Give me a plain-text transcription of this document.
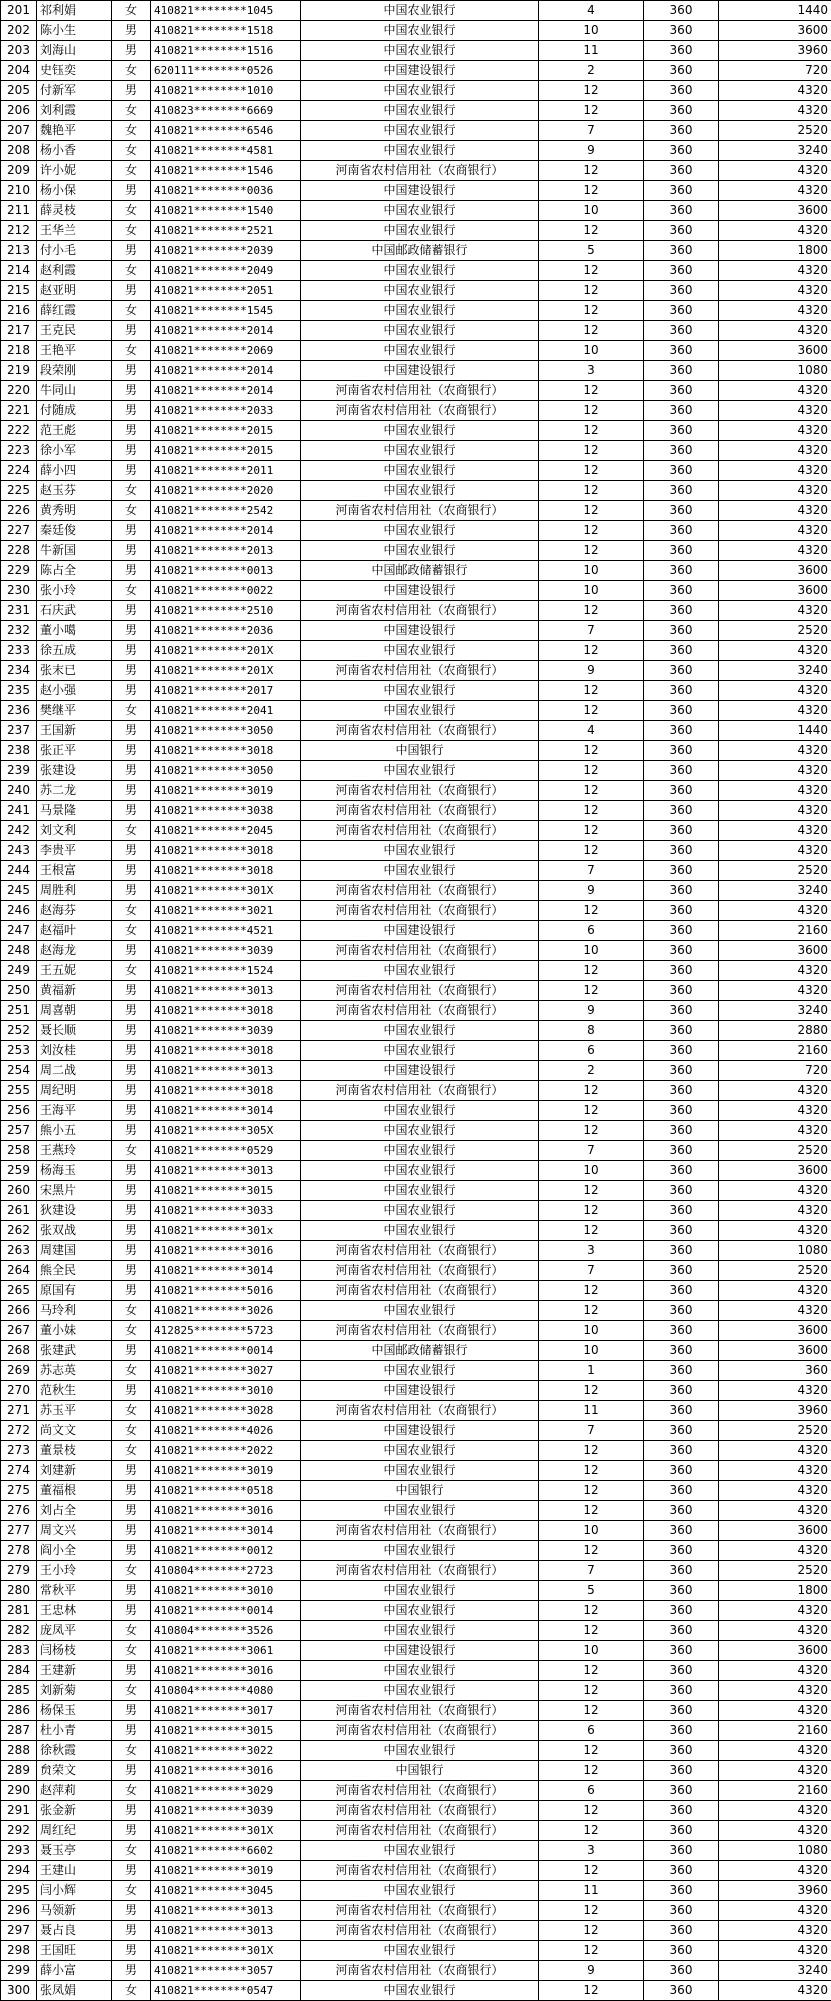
201	祁利娟	女	410821********1045	中国农业银行	4	360	1440
202	陈小生	男	410821********1518	中国农业银行	10	360	3600
203	刘海山	男	410821********1516	中国农业银行	11	360	3960
204	史钰奕	女	620111********0526	中国建设银行	2	360	720
205	付新军	男	410821********1010	中国农业银行	12	360	4320
206	刘利霞	女	410823********6669	中国农业银行	12	360	4320
207	魏艳平	女	410821********6546	中国农业银行	7	360	2520
208	杨小香	女	410821********4581	中国农业银行	9	360	3240
209	许小妮	女	410821********1546	河南省农村信用社（农商银行）	12	360	4320
210	杨小保	男	410821********0036	中国建设银行	12	360	4320
211	薛灵枝	女	410821********1540	中国农业银行	10	360	3600
212	王华兰	女	410821********2521	中国农业银行	12	360	4320
213	付小毛	男	410821********2039	中国邮政储蓄银行	5	360	1800
214	赵利霞	女	410821********2049	中国农业银行	12	360	4320
215	赵亚明	男	410821********2051	中国农业银行	12	360	4320
216	薛红霞	女	410821********1545	中国农业银行	12	360	4320
217	王克民	男	410821********2014	中国农业银行	12	360	4320
218	王艳平	女	410821********2069	中国农业银行	10	360	3600
219	段荣刚	男	410821********2014	中国建设银行	3	360	1080
220	牛同山	男	410821********2014	河南省农村信用社（农商银行）	12	360	4320
221	付随成	男	410821********2033	河南省农村信用社（农商银行）	12	360	4320
222	范王彪	男	410821********2015	中国农业银行	12	360	4320
223	徐小军	男	410821********2015	中国农业银行	12	360	4320
224	薛小四	男	410821********2011	中国农业银行	12	360	4320
225	赵玉芬	女	410821********2020	中国农业银行	12	360	4320
226	黄秀明	女	410821********2542	河南省农村信用社（农商银行）	12	360	4320
227	秦廷俊	男	410821********2014	中国农业银行	12	360	4320
228	牛新国	男	410821********2013	中国农业银行	12	360	4320
229	陈占全	男	410821********0013	中国邮政储蓄银行	10	360	3600
230	张小玲	女	410821********0022	中国建设银行	10	360	3600
231	石庆武	男	410821********2510	河南省农村信用社（农商银行）	12	360	4320
232	董小噶	男	410821********2036	中国建设银行	7	360	2520
233	徐五成	男	410821********201X	中国农业银行	12	360	4320
234	张末已	男	410821********201X	河南省农村信用社（农商银行）	9	360	3240
235	赵小强	男	410821********2017	中国农业银行	12	360	4320
236	樊继平	女	410821********2041	中国农业银行	12	360	4320
237	王国新	男	410821********3050	河南省农村信用社（农商银行）	4	360	1440
238	张正平	男	410821********3018	中国银行	12	360	4320
239	张建设	男	410821********3050	中国农业银行	12	360	4320
240	苏二龙	男	410821********3019	河南省农村信用社（农商银行）	12	360	4320
241	马景隆	男	410821********3038	河南省农村信用社（农商银行）	12	360	4320
242	刘文利	女	410821********2045	河南省农村信用社（农商银行）	12	360	4320
243	李贵平	男	410821********3018	中国农业银行	12	360	4320
244	王根富	男	410821********3018	中国农业银行	7	360	2520
245	周胜利	男	410821********301X	河南省农村信用社（农商银行）	9	360	3240
246	赵海芬	女	410821********3021	河南省农村信用社（农商银行）	12	360	4320
247	赵福叶	女	410821********4521	中国建设银行	6	360	2160
248	赵海龙	男	410821********3039	河南省农村信用社（农商银行）	10	360	3600
249	王五妮	女	410821********1524	中国农业银行	12	360	4320
250	黄福新	男	410821********3013	河南省农村信用社（农商银行）	12	360	4320
251	周喜朝	男	410821********3018	河南省农村信用社（农商银行）	9	360	3240
252	聂长顺	男	410821********3039	中国农业银行	8	360	2880
253	刘汝桂	男	410821********3018	中国农业银行	6	360	2160
254	周二战	男	410821********3013	中国建设银行	2	360	720
255	周纪明	男	410821********3018	河南省农村信用社（农商银行）	12	360	4320
256	王海平	男	410821********3014	中国农业银行	12	360	4320
257	熊小五	男	410821********305X	中国农业银行	12	360	4320
258	王燕玲	女	410821********0529	中国农业银行	7	360	2520
259	杨海玉	男	410821********3013	中国农业银行	10	360	3600
260	宋黑片	男	410821********3015	中国农业银行	12	360	4320
261	狄建设	男	410821********3033	中国农业银行	12	360	4320
262	张双战	男	410821********301x	中国农业银行	12	360	4320
263	周建国	男	410821********3016	河南省农村信用社（农商银行）	3	360	1080
264	熊全民	男	410821********3014	河南省农村信用社（农商银行）	7	360	2520
265	原国有	男	410821********5016	河南省农村信用社（农商银行）	12	360	4320
266	马玲利	女	410821********3026	中国农业银行	12	360	4320
267	董小妹	女	412825********5723	河南省农村信用社（农商银行）	10	360	3600
268	张建武	男	410821********0014	中国邮政储蓄银行	10	360	3600
269	苏志英	女	410821********3027	中国农业银行	1	360	360
270	范秋生	男	410821********3010	中国建设银行	12	360	4320
271	苏玉平	女	410821********3028	河南省农村信用社（农商银行）	11	360	3960
272	尚文文	女	410821********4026	中国建设银行	7	360	2520
273	董景枝	女	410821********2022	中国农业银行	12	360	4320
274	刘建新	男	410821********3019	中国农业银行	12	360	4320
275	董福根	男	410821********0518	中国银行	12	360	4320
276	刘占全	男	410821********3016	中国农业银行	12	360	4320
277	周文兴	男	410821********3014	河南省农村信用社（农商银行）	10	360	3600
278	阎小全	男	410821********0012	中国农业银行	12	360	4320
279	王小玲	女	410804********2723	河南省农村信用社（农商银行）	7	360	2520
280	常秋平	男	410821********3010	中国农业银行	5	360	1800
281	王忠林	男	410821********0014	中国农业银行	12	360	4320
282	庞凤平	女	410804********3526	中国农业银行	12	360	4320
283	闫杨枝	女	410821********3061	中国建设银行	10	360	3600
284	王建新	男	410821********3016	中国农业银行	12	360	4320
285	刘新菊	女	410804********4080	中国农业银行	12	360	4320
286	杨保玉	男	410821********3017	河南省农村信用社（农商银行）	12	360	4320
287	杜小青	男	410821********3015	河南省农村信用社（农商银行）	6	360	2160
288	徐秋霞	女	410821********3022	中国农业银行	12	360	4320
289	贠荣文	男	410821********3016	中国银行	12	360	4320
290	赵萍莉	女	410821********3029	河南省农村信用社（农商银行）	6	360	2160
291	张金新	男	410821********3039	河南省农村信用社（农商银行）	12	360	4320
292	周红纪	男	410821********301X	河南省农村信用社（农商银行）	12	360	4320
293	聂玉亭	女	410821********6602	中国农业银行	3	360	1080
294	王建山	男	410821********3019	河南省农村信用社（农商银行）	12	360	4320
295	闫小辉	女	410821********3045	中国农业银行	11	360	3960
296	马领新	男	410821********3013	河南省农村信用社（农商银行）	12	360	4320
297	聂占良	男	410821********3013	河南省农村信用社（农商银行）	12	360	4320
298	王国旺	男	410821********301X	中国农业银行	12	360	4320
299	薛小富	男	410821********3057	河南省农村信用社（农商银行）	9	360	3240
300	张凤娟	女	410821********0547	中国农业银行	12	360	4320
